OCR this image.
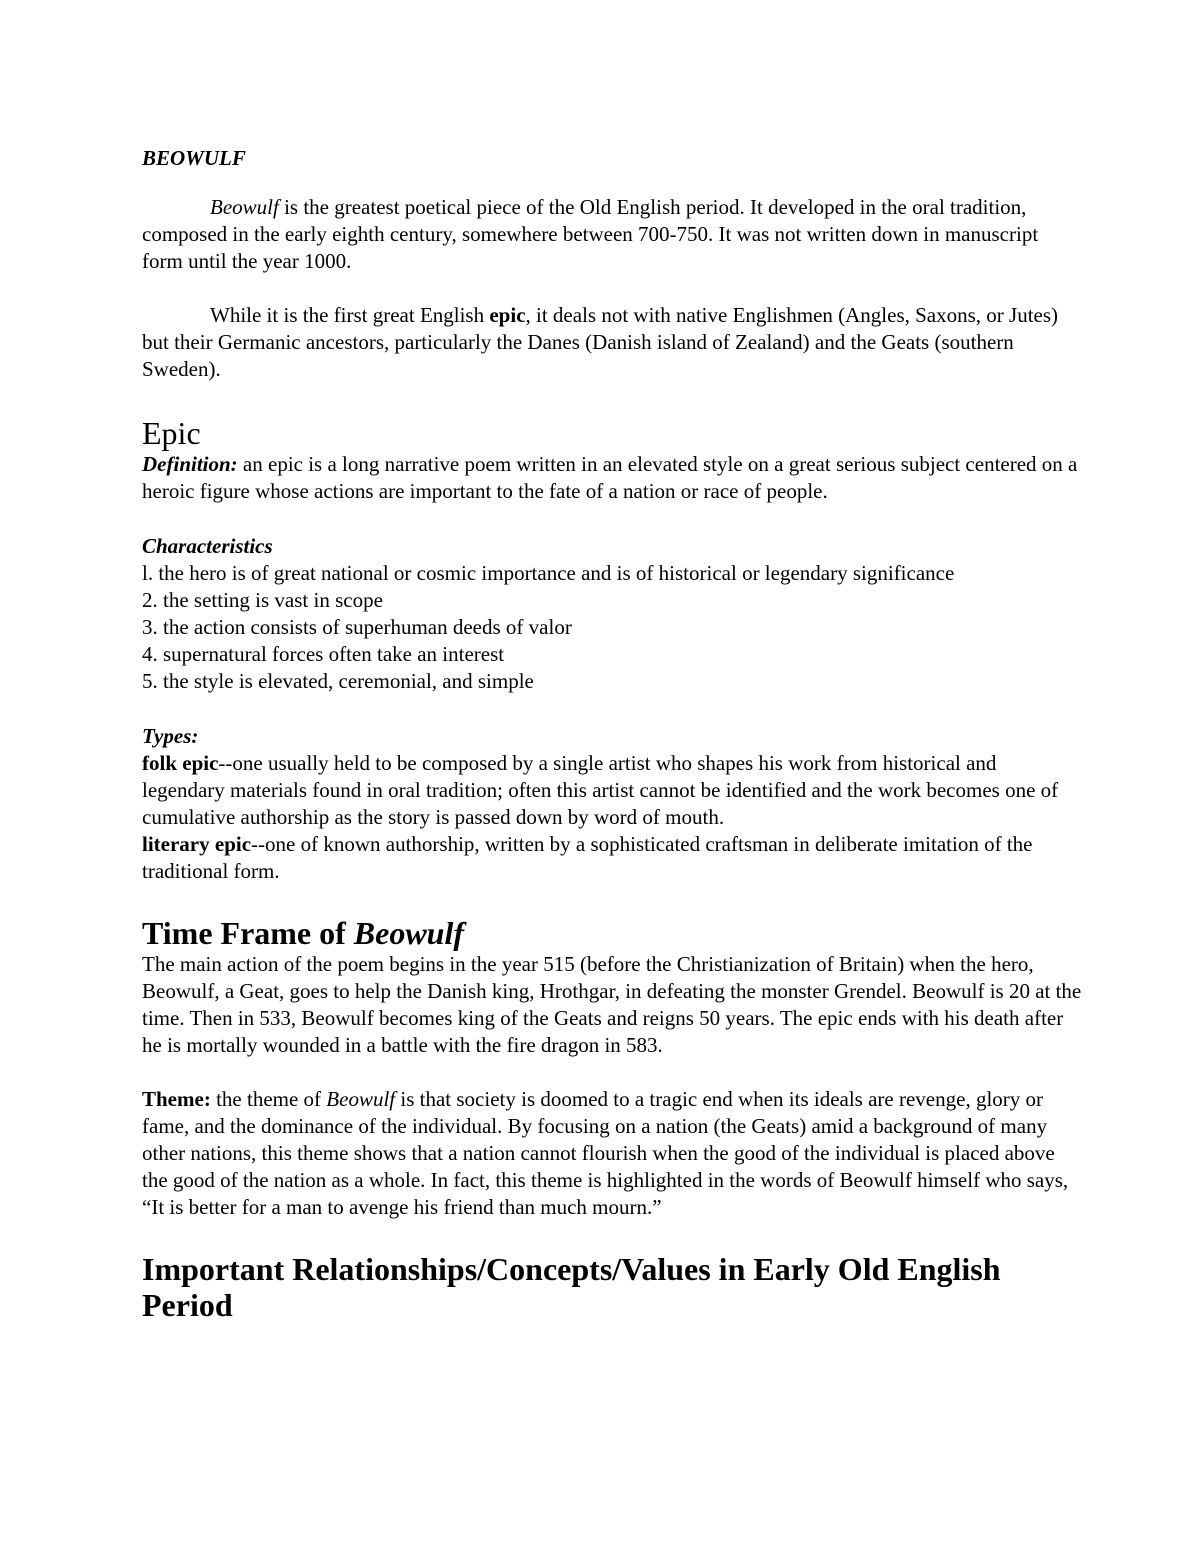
BEOWULF

Beowulf is the greatest poetical piece of the Old English period. It developed in the oral tradition, composed in the early eighth century, somewhere between 700-750. It was not written down in manuscript form until the year 1000.

While it is the first great English epic, it deals not with native Englishmen (Angles, Saxons, or Jutes) but their Germanic ancestors, particularly the Danes (Danish island of Zealand) and the Geats (southern Sweden).

Epic

Definition: an epic is a long narrative poem written in an elevated style on a great serious subject centered on a heroic figure whose actions are important to the fate of a nation or race of people.

Characteristics

l. the hero is of great national or cosmic importance and is of historical or legendary significance
2. the setting is vast in scope
3. the action consists of superhuman deeds of valor
4. supernatural forces often take an interest
5. the style is elevated, ceremonial, and simple

Types:

folk epic--one usually held to be composed by a single artist who shapes his work from historical and legendary materials found in oral tradition; often this artist cannot be identified and the work becomes one of cumulative authorship as the story is passed down by word of mouth.

literary epic--one of known authorship, written by a sophisticated craftsman in deliberate imitation of the traditional form.

Time Frame of Beowulf

The main action of the poem begins in the year 515 (before the Christianization of Britain) when the hero, Beowulf, a Geat, goes to help the Danish king, Hrothgar, in defeating the monster Grendel. Beowulf is 20 at the time. Then in 533, Beowulf becomes king of the Geats and reigns 50 years. The epic ends with his death after he is mortally wounded in a battle with the fire dragon in 583.

Theme: the theme of Beowulf is that society is doomed to a tragic end when its ideals are revenge, glory or fame, and the dominance of the individual. By focusing on a nation (the Geats) amid a background of many other nations, this theme shows that a nation cannot flourish when the good of the individual is placed above the good of the nation as a whole. In fact, this theme is highlighted in the words of Beowulf himself who says, “It is better for a man to avenge his friend than much mourn.”

Important Relationships/Concepts/Values in Early Old English Period
